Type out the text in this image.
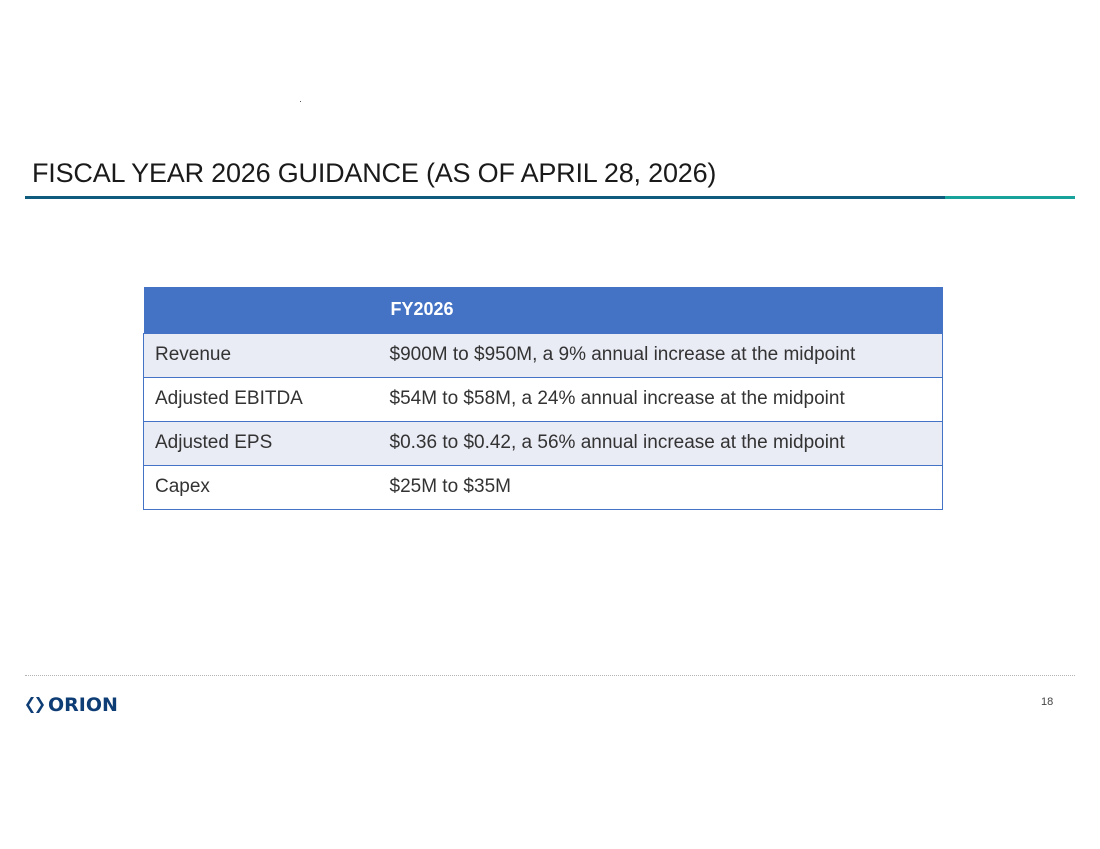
FISCAL YEAR 2026 GUIDANCE (AS OF APRIL 28, 2026)
	FY2026
Revenue	$900M to $950M, a 9% annual increase at the midpoint
Adjusted EBITDA	$54M to $58M, a 24% annual increase at the midpoint
Adjusted EPS	$0.36 to $0.42, a 56% annual increase at the midpoint
Capex	$25M to $35M
ORION	18
